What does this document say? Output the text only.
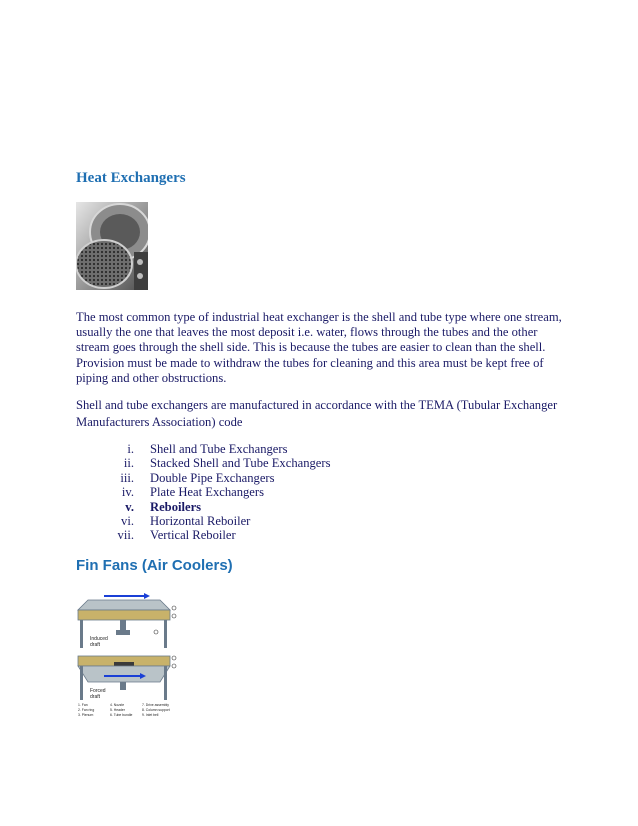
Heat Exchangers

The most common type of industrial heat exchanger is the shell and tube type where one stream, usually the one that leaves the most deposit i.e. water, flows through the tubes and the other stream goes through the shell side. This is because the tubes are easier to clean than the shell. Provision must be made to withdraw the tubes for cleaning and this area must be kept free of piping and other obstructions.

Shell and tube exchangers are manufactured in accordance with the TEMA (Tubular Exchanger Manufacturers Association) code

i. Shell and Tube Exchangers
ii. Stacked Shell and Tube Exchangers
iii. Double Pipe Exchangers
iv. Plate Heat Exchangers
v. Reboilers
vi. Horizontal Reboiler
vii. Vertical Reboiler
Fin Fans (Air Coolers)
Induced
draft
Forced
draft
1. Fan	4. Nozzle	7. Drive assembly
2. Fan ring	5. Header	8. Column support
3. Plenum	6. Tube bundle	9. Inlet bell
